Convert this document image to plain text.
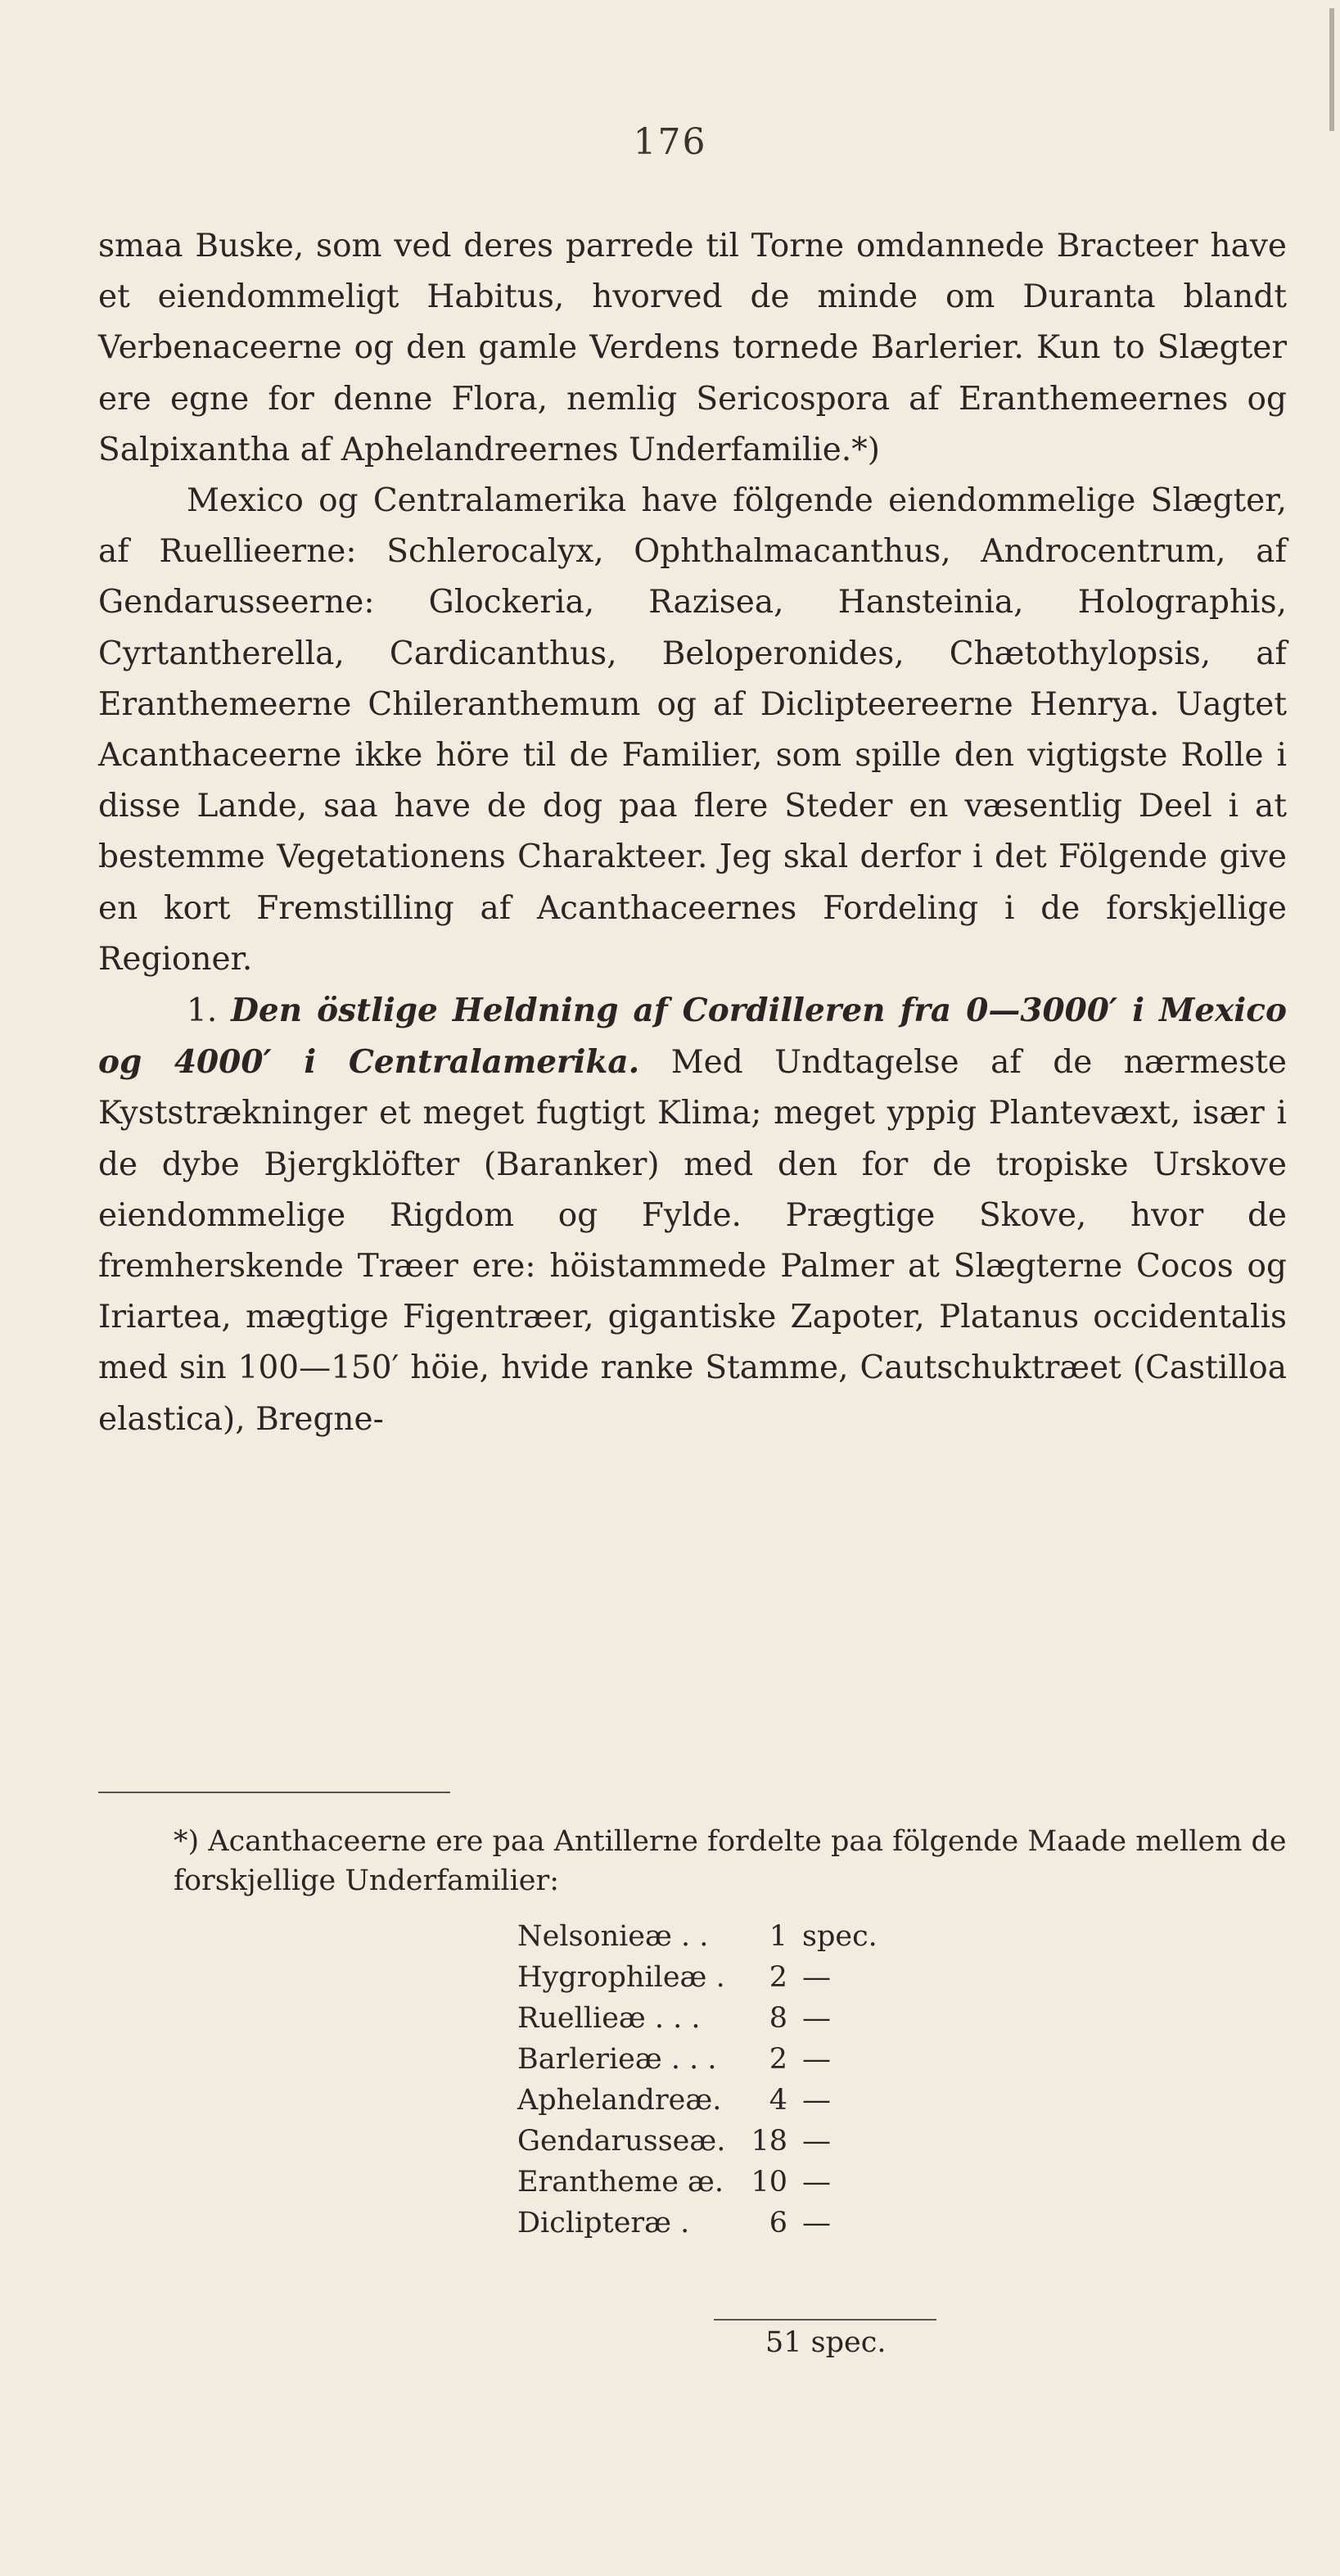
176

smaa Buske, som ved deres parrede til Torne omdannede Bracteer have et eiendommeligt Habitus, hvorved de minde om Duranta blandt Verbenaceerne og den gamle Verdens tornede Barlerier. Kun to Slægter ere egne for denne Flora, nemlig Sericospora af Eranthemeernes og Salpixantha af Aphelandreernes Underfamilie.*)

Mexico og Centralamerika have fölgende eiendommelige Slægter, af Ruellieerne: Schlerocalyx, Ophthalmacanthus, Androcentrum, af Gendarusseerne: Glockeria, Razisea, Hansteinia, Holographis, Cyrtantherella, Cardicanthus, Beloperonides, Chætothylopsis, af Eranthemeerne Chileranthemum og af Diclipteereerne Henrya. Uagtet Acanthaceerne ikke höre til de Familier, som spille den vigtigste Rolle i disse Lande, saa have de dog paa flere Steder en væsentlig Deel i at bestemme Vegetationens Charakteer. Jeg skal derfor i det Fölgende give en kort Fremstilling af Acanthaceernes Fordeling i de forskjellige Regioner.

1. Den östlige Heldning af Cordilleren fra 0—3000′ i Mexico og 4000′ i Centralamerika. Med Undtagelse af de nærmeste Kyststrækninger et meget fugtigt Klima; meget yppig Plantevæxt, især i de dybe Bjergklöfter (Baranker) med den for de tropiske Urskove eiendommelige Rigdom og Fylde. Prægtige Skove, hvor de fremherskende Træer ere: höistammede Palmer at Slægterne Cocos og Iriartea, mægtige Figentræer, gigantiske Zapoter, Platanus occidentalis med sin 100—150′ höie, hvide ranke Stamme, Cautschuktræet (Castilloa elastica), Bregne-

*) Acanthaceerne ere paa Antillerne fordelte paa fölgende Maade mellem de forskjellige Underfamilier:

Nelsonieæ . .	1	spec.
Hygrophileæ .	2	—
Ruellieæ . . .	8	—
Barlerieæ . . .	2	—
Aphelandreæ.	4	—
Gendarusseæ.	18	—
Erantheme æ.	10	—
Diclipteræ .	6	—
51 spec.
